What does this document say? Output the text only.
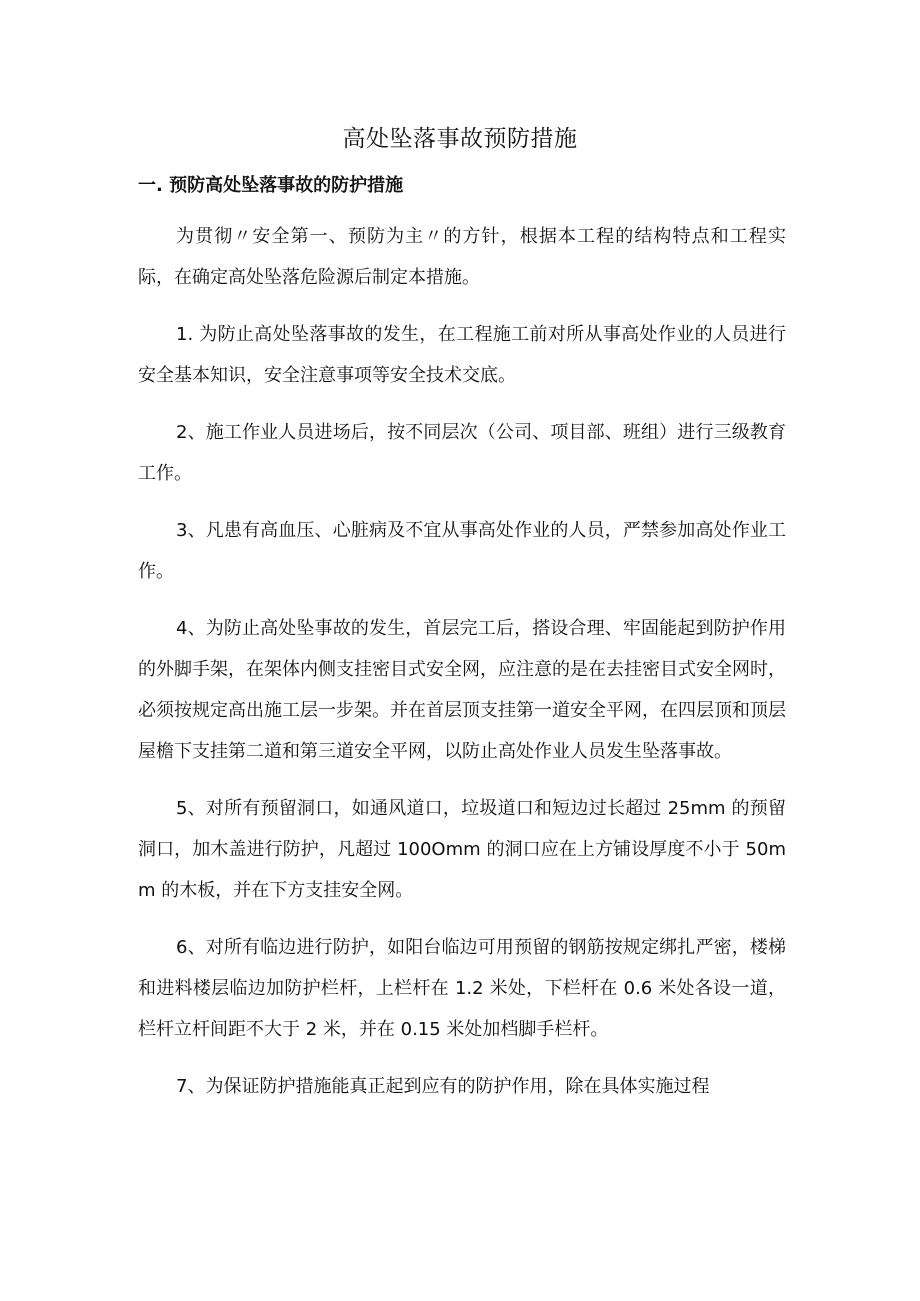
高处坠落事故预防措施
一. 预防高处坠落事故的防护措施

为贯彻〃安全第一、预防为主〃的方针，根据本工程的结构特点和工程实际，在确定高处坠落危险源后制定本措施。

1. 为防止高处坠落事故的发生，在工程施工前对所从事高处作业的人员进行安全基本知识，安全注意事项等安全技术交底。

2、施工作业人员进场后，按不同层次（公司、项目部、班组）进行三级教育工作。

3、凡患有高血压、心脏病及不宜从事高处作业的人员，严禁参加高处作业工作。

4、为防止高处坠事故的发生，首层完工后，搭设合理、牢固能起到防护作用的外脚手架，在架体内侧支挂密目式安全网，应注意的是在去挂密目式安全网时，必须按规定高出施工层一步架。并在首层顶支挂第一道安全平网，在四层顶和顶层屋檐下支挂第二道和第三道安全平网，以防止高处作业人员发生坠落事故。

5、对所有预留洞口，如通风道口，垃圾道口和短边过长超过 25mm 的预留洞口，加木盖进行防护，凡超过 100Omm 的洞口应在上方铺设厚度不小于 50mm 的木板，并在下方支挂安全网。

6、对所有临边进行防护，如阳台临边可用预留的钢筋按规定绑扎严密，楼梯和进料楼层临边加防护栏杆，上栏杆在 1.2 米处，下栏杆在 0.6 米处各设一道，栏杆立杆间距不大于 2 米，并在 0.15 米处加档脚手栏杆。

7、为保证防护措施能真正起到应有的防护作用，除在具体实施过程
